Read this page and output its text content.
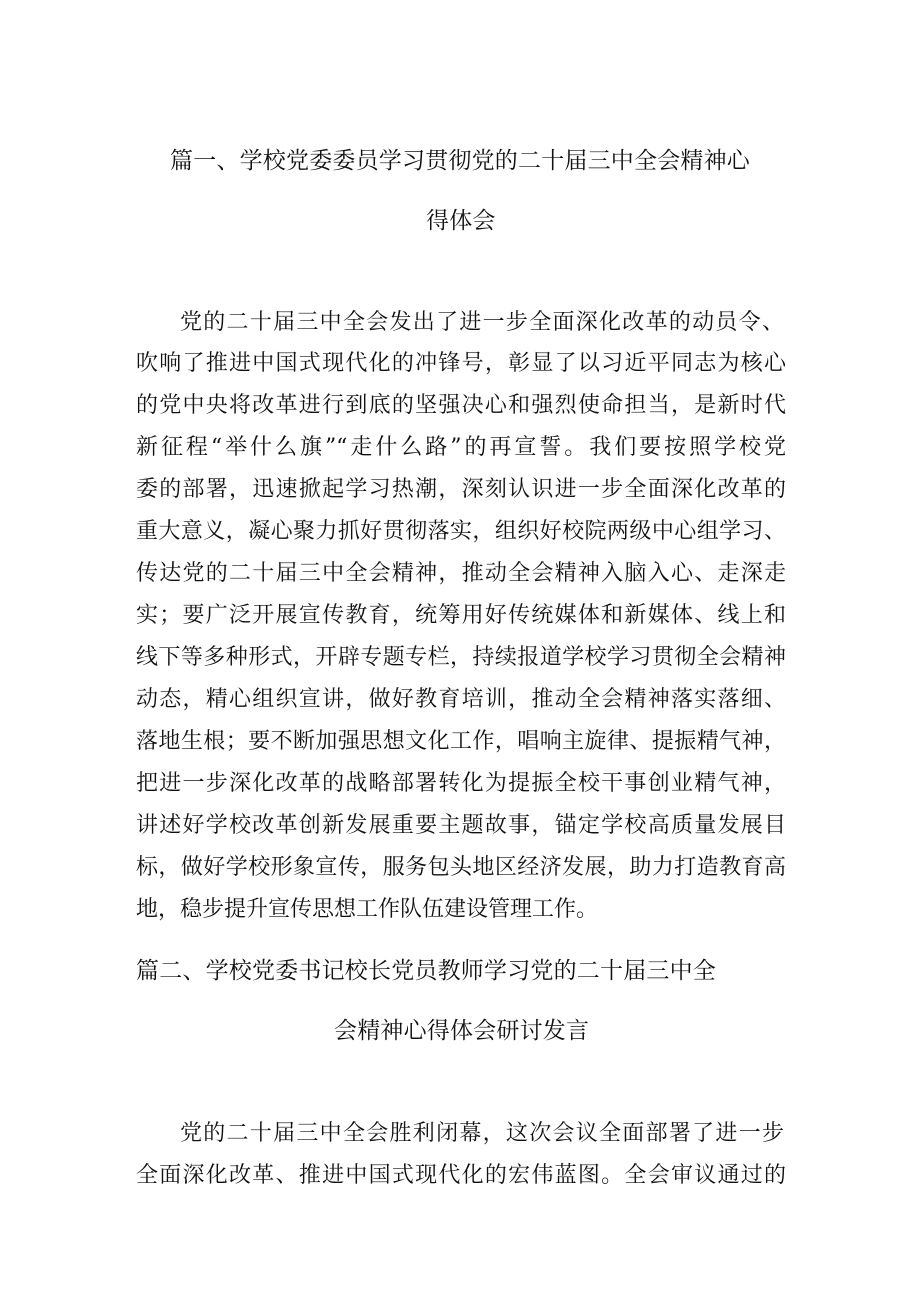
篇一、学校党委委员学习贯彻党的二十届三中全会精神心
得体会
党的二十届三中全会发出了进一步全面深化改革的动员令、
吹响了推进中国式现代化的冲锋号，彰显了以习近平同志为核心
的党中央将改革进行到底的坚强决心和强烈使命担当，是新时代
新征程“举什么旗”“走什么路”的再宣誓。我们要按照学校党
委的部署，迅速掀起学习热潮，深刻认识进一步全面深化改革的
重大意义，凝心聚力抓好贯彻落实，组织好校院两级中心组学习、
传达党的二十届三中全会精神，推动全会精神入脑入心、走深走
实；要广泛开展宣传教育，统筹用好传统媒体和新媒体、线上和
线下等多种形式，开辟专题专栏，持续报道学校学习贯彻全会精神
动态，精心组织宣讲，做好教育培训，推动全会精神落实落细、
落地生根；要不断加强思想文化工作，唱响主旋律、提振精气神，
把进一步深化改革的战略部署转化为提振全校干事创业精气神，
讲述好学校改革创新发展重要主题故事，锚定学校高质量发展目
标，做好学校形象宣传，服务包头地区经济发展，助力打造教育高
地，稳步提升宣传思想工作队伍建设管理工作。
篇二、学校党委书记校长党员教师学习党的二十届三中全
会精神心得体会研讨发言
党的二十届三中全会胜利闭幕，这次会议全面部署了进一步
全面深化改革、推进中国式现代化的宏伟蓝图。全会审议通过的
